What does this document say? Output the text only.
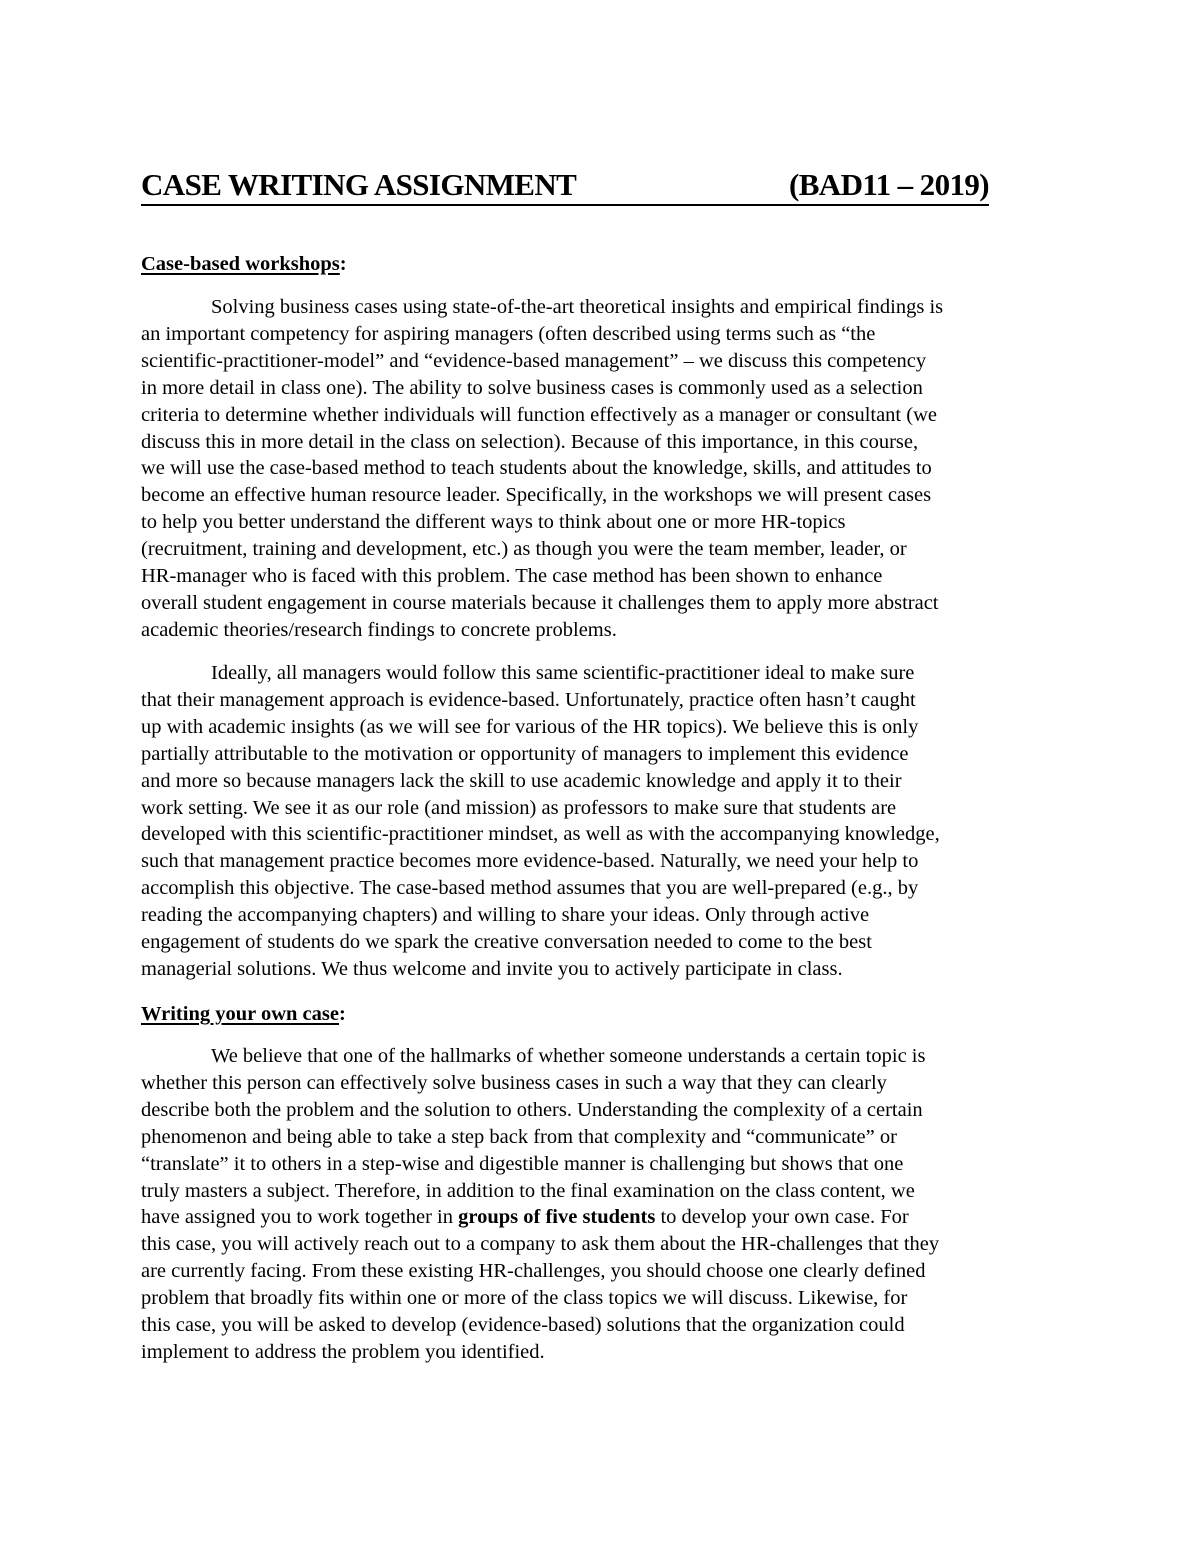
CASE WRITING ASSIGNMENT	(BAD11 – 2019)
Case-based workshops:
Solving business cases using state-of-the-art theoretical insights and empirical findings is
an important competency for aspiring managers (often described using terms such as “the
scientific-practitioner-model” and “evidence-based management” – we discuss this competency
in more detail in class one). The ability to solve business cases is commonly used as a selection
criteria to determine whether individuals will function effectively as a manager or consultant (we
discuss this in more detail in the class on selection). Because of this importance, in this course,
we will use the case-based method to teach students about the knowledge, skills, and attitudes to
become an effective human resource leader. Specifically, in the workshops we will present cases
to help you better understand the different ways to think about one or more HR-topics
(recruitment, training and development, etc.) as though you were the team member, leader, or
HR-manager who is faced with this problem. The case method has been shown to enhance
overall student engagement in course materials because it challenges them to apply more abstract
academic theories/research findings to concrete problems.
Ideally, all managers would follow this same scientific-practitioner ideal to make sure
that their management approach is evidence-based. Unfortunately, practice often hasn’t caught
up with academic insights (as we will see for various of the HR topics). We believe this is only
partially attributable to the motivation or opportunity of managers to implement this evidence
and more so because managers lack the skill to use academic knowledge and apply it to their
work setting. We see it as our role (and mission) as professors to make sure that students are
developed with this scientific-practitioner mindset, as well as with the accompanying knowledge,
such that management practice becomes more evidence-based. Naturally, we need your help to
accomplish this objective. The case-based method assumes that you are well-prepared (e.g., by
reading the accompanying chapters) and willing to share your ideas. Only through active
engagement of students do we spark the creative conversation needed to come to the best
managerial solutions. We thus welcome and invite you to actively participate in class.
Writing your own case:
We believe that one of the hallmarks of whether someone understands a certain topic is
whether this person can effectively solve business cases in such a way that they can clearly
describe both the problem and the solution to others. Understanding the complexity of a certain
phenomenon and being able to take a step back from that complexity and “communicate” or
“translate” it to others in a step-wise and digestible manner is challenging but shows that one
truly masters a subject. Therefore, in addition to the final examination on the class content, we
have assigned you to work together in groups of five students to develop your own case. For
this case, you will actively reach out to a company to ask them about the HR-challenges that they
are currently facing. From these existing HR-challenges, you should choose one clearly defined
problem that broadly fits within one or more of the class topics we will discuss. Likewise, for
this case, you will be asked to develop (evidence-based) solutions that the organization could
implement to address the problem you identified.
